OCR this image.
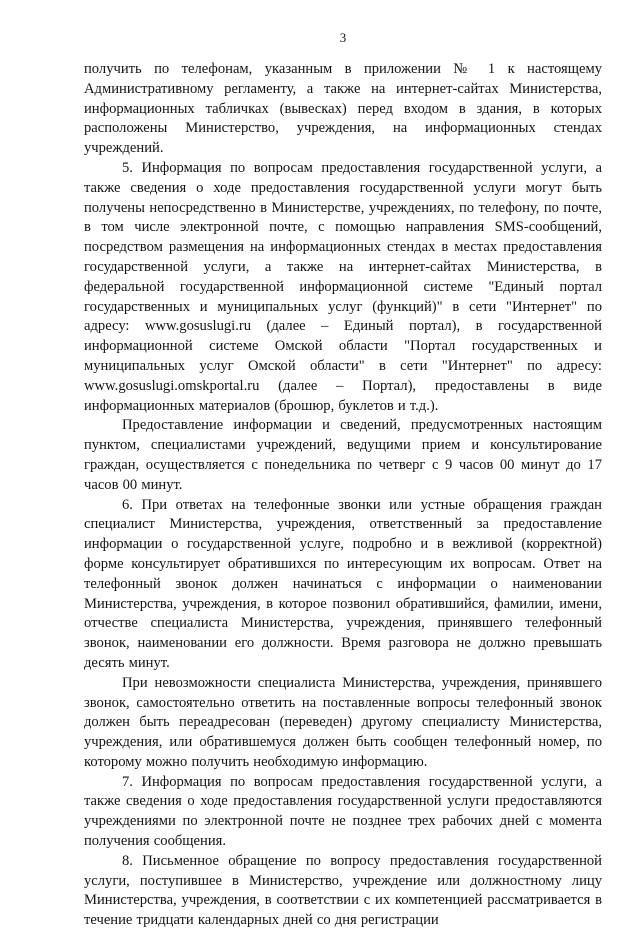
3

получить по телефонам, указанным в приложении № 1 к настоящему Административному регламенту, а также на интернет-сайтах Министерства, информационных табличках (вывесках) перед входом в здания, в которых расположены Министерство, учреждения, на информационных стендах учреждений.

5. Информация по вопросам предоставления государственной услуги, а также сведения о ходе предоставления государственной услуги могут быть получены непосредственно в Министерстве, учреждениях, по телефону, по почте, в том числе электронной почте, с помощью направления SMS-сообщений, посредством размещения на информационных стендах в местах предоставления государственной услуги, а также на интернет-сайтах Министерства, в федеральной государственной информационной системе "Единый портал государственных и муниципальных услуг (функций)" в сети "Интернет" по адресу: www.gosuslugi.ru (далее – Единый портал), в государственной информационной системе Омской области "Портал государственных и муниципальных услуг Омской области" в сети "Интернет" по адресу: www.gosuslugi.omskportal.ru (далее – Портал), предоставлены в виде информационных материалов (брошюр, буклетов и т.д.).

Предоставление информации и сведений, предусмотренных настоящим пунктом, специалистами учреждений, ведущими прием и консультирование граждан, осуществляется с понедельника по четверг с 9 часов 00 минут до 17 часов 00 минут.

6. При ответах на телефонные звонки или устные обращения граждан специалист Министерства, учреждения, ответственный за предоставление информации о государственной услуге, подробно и в вежливой (корректной) форме консультирует обратившихся по интересующим их вопросам. Ответ на телефонный звонок должен начинаться с информации о наименовании Министерства, учреждения, в которое позвонил обратившийся, фамилии, имени, отчестве специалиста Министерства, учреждения, принявшего телефонный звонок, наименовании его должности. Время разговора не должно превышать десять минут.

При невозможности специалиста Министерства, учреждения, принявшего звонок, самостоятельно ответить на поставленные вопросы телефонный звонок должен быть переадресован (переведен) другому специалисту Министерства, учреждения, или обратившемуся должен быть сообщен телефонный номер, по которому можно получить необходимую информацию.

7. Информация по вопросам предоставления государственной услуги, а также сведения о ходе предоставления государственной услуги предоставляются учреждениями по электронной почте не позднее трех рабочих дней с момента получения сообщения.

8. Письменное обращение по вопросу предоставления государственной услуги, поступившее в Министерство, учреждение или должностному лицу Министерства, учреждения, в соответствии с их компетенцией рассматривается в течение тридцати календарных дней со дня регистрации
